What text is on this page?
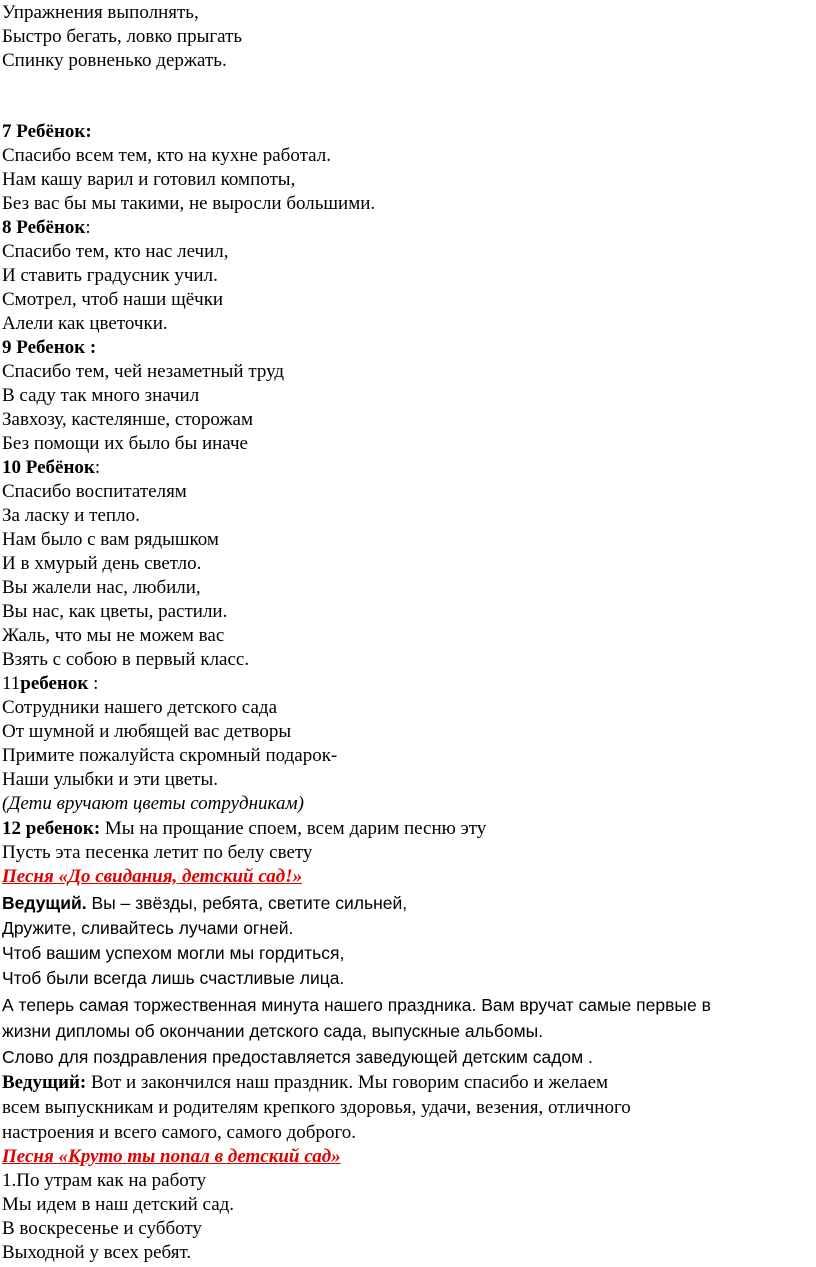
Упражнения выполнять,
Быстро бегать, ловко прыгать
Спинку ровненько держать.
7 Ребёнок:
Спасибо всем тем, кто на кухне работал.
Нам кашу варил и готовил компоты,
Без вас бы мы такими, не выросли большими.
8 Ребёнок:
Спасибо тем, кто нас лечил,
И ставить градусник учил.
Смотрел, чтоб наши щёчки
Алели как цветочки.
9 Ребенок :
Спасибо тем, чей незаметный труд
В саду так много значил
Завхозу, кастелянше, сторожам
Без помощи их было бы иначе
10 Ребёнок:
Спасибо воспитателям
За ласку и тепло.
Нам было с вам рядышком
И в хмурый день светло.
Вы жалели нас, любили,
Вы нас, как цветы, растили.
Жаль, что мы не можем вас
Взять с собою в первый класс.
11ребенок :
Сотрудники нашего детского сада
От шумной и любящей вас детворы
Примите пожалуйста скромный подарок-
Наши улыбки и эти цветы.
(Дети вручают цветы сотрудникам)
12 ребенок: Мы на прощание споем, всем дарим песню эту
Пусть эта песенка летит по белу свету
Песня «До свидания, детский сад!»
Ведущий. Вы – звёзды, ребята, светите сильней,
Дружите, сливайтесь лучами огней.
Чтоб вашим успехом могли мы гордиться,
Чтоб были всегда лишь счастливые лица.
А теперь самая торжественная минута нашего праздника. Вам вручат самые первые в
жизни дипломы об окончании детского сада, выпускные альбомы.
Слово для поздравления предоставляется заведующей детским садом .
Ведущий: Вот и закончился наш праздник. Мы говорим спасибо и желаем
всем выпускникам и родителям крепкого здоровья, удачи, везения, отличного
настроения и всего самого, самого доброго.
Песня «Круто ты попал в детский сад»
1.По утрам как на работу
Мы идем в наш детский сад.
В воскресенье и субботу
Выходной у всех ребят.
